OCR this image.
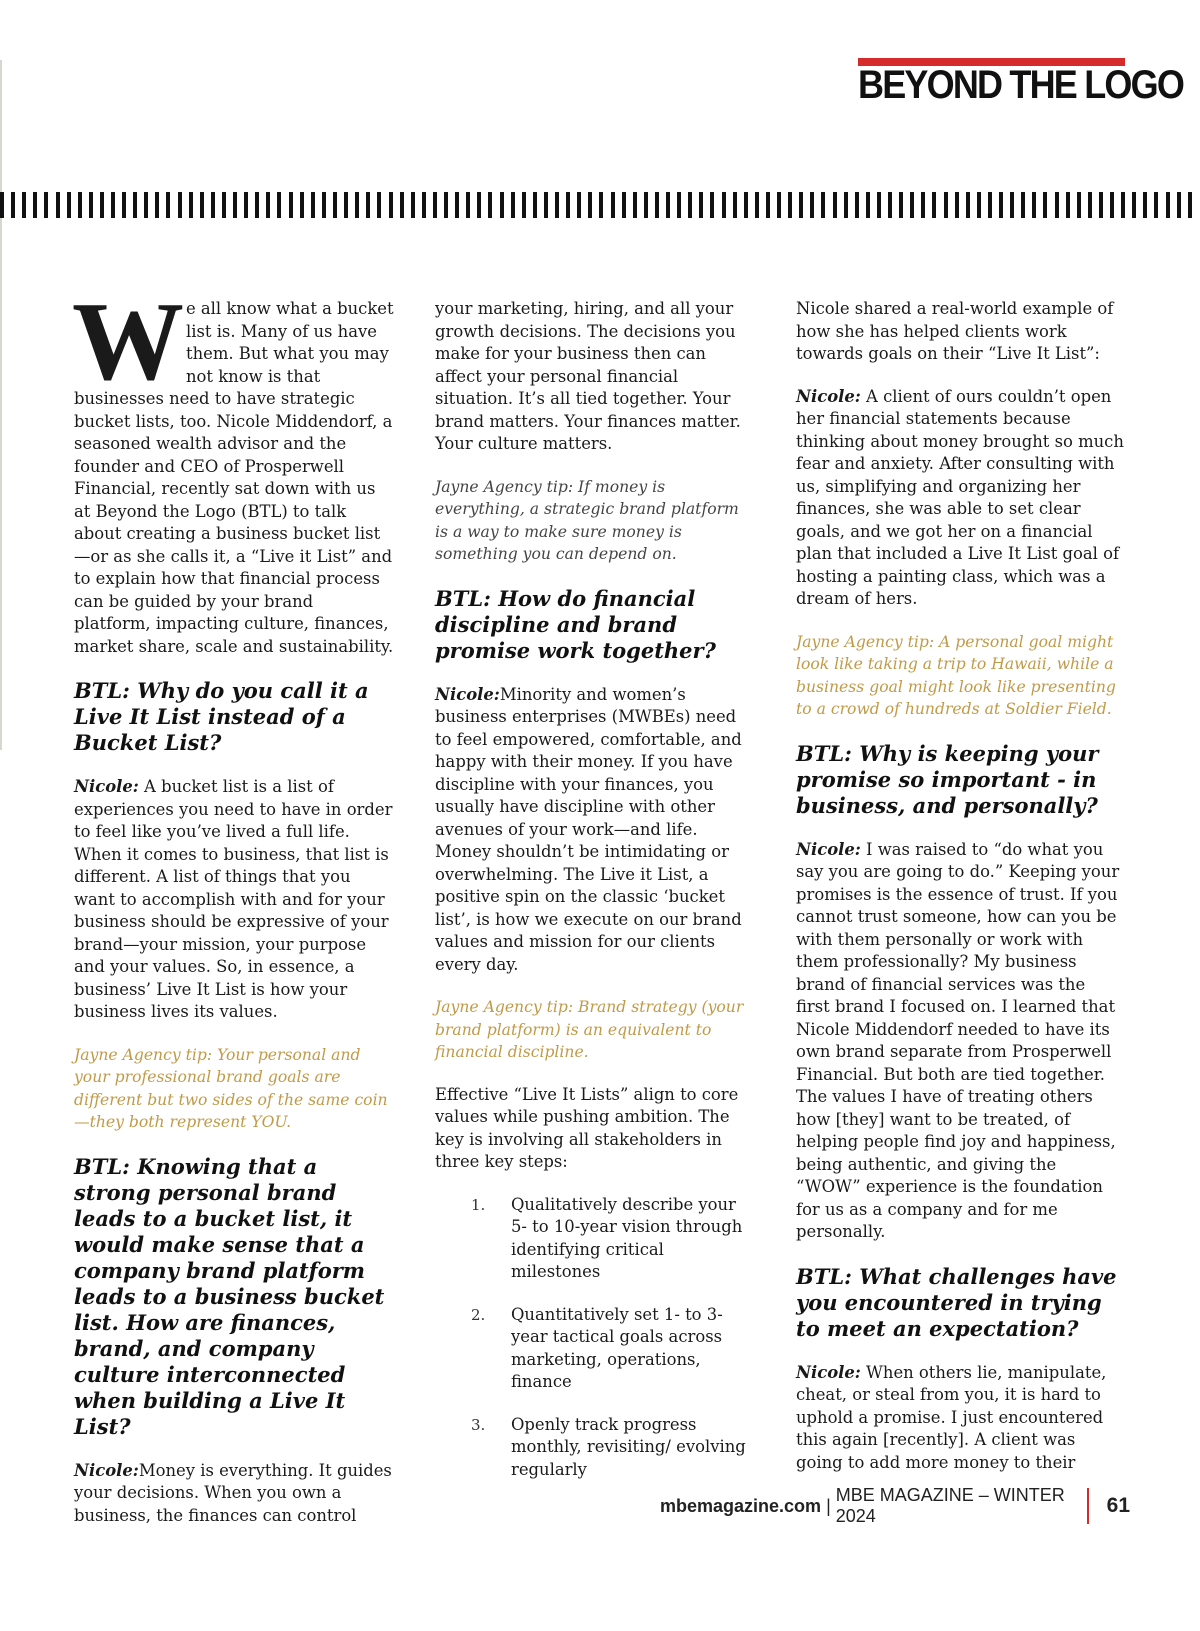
BEYOND THE LOGO

We all know what a bucket list is. Many of us have them. But what you may not know is that businesses need to have strategic bucket lists, too. Nicole Middendorf, a seasoned wealth advisor and the founder and CEO of Prosperwell Financial, recently sat down with us at Beyond the Logo (BTL) to talk about creating a business bucket list—or as she calls it, a “Live it List” and to explain how that financial process can be guided by your brand platform, impacting culture, finances, market share, scale and sustainability.

BTL: Why do you call it a Live It List instead of a Bucket List?

Nicole: A bucket list is a list of experiences you need to have in order to feel like you’ve lived a full life. When it comes to business, that list is different. A list of things that you want to accomplish with and for your business should be expressive of your brand—your mission, your purpose and your values. So, in essence, a business’ Live It List is how your business lives its values.

Jayne Agency tip: Your personal and your professional brand goals are different but two sides of the same coin—they both represent YOU.

BTL: Knowing that a strong personal brand leads to a bucket list, it would make sense that a company brand platform leads to a business bucket list. How are finances, brand, and company culture interconnected when building a Live It List?

Nicole:Money is everything. It guides your decisions. When you own a business, the finances can control

your marketing, hiring, and all your growth decisions. The decisions you make for your business then can affect your personal financial situation. It’s all tied together. Your brand matters. Your finances matter. Your culture matters.

Jayne Agency tip: If money is everything, a strategic brand platform is a way to make sure money is something you can depend on.

BTL: How do financial discipline and brand promise work together?

Nicole:Minority and women’s business enterprises (MWBEs) need to feel empowered, comfortable, and happy with their money. If you have discipline with your finances, you usually have discipline with other avenues of your work—and life. Money shouldn’t be intimidating or overwhelming. The Live it List, a positive spin on the classic ‘bucket list’, is how we execute on our brand values and mission for our clients every day.

Jayne Agency tip: Brand strategy (your brand platform) is an equivalent to financial discipline.

Effective “Live It Lists” align to core values while pushing ambition. The key is involving all stakeholders in three key steps:

1.	Qualitatively describe your 5- to 10-year vision through identifying critical milestones
2.	Quantitatively set 1- to 3-year tactical goals across marketing, operations, finance
3.	Openly track progress monthly, revisiting/ evolving regularly

Nicole shared a real-world example of how she has helped clients work towards goals on their “Live It List”:

Nicole: A client of ours couldn’t open her financial statements because thinking about money brought so much fear and anxiety. After consulting with us, simplifying and organizing her finances, she was able to set clear goals, and we got her on a financial plan that included a Live It List goal of hosting a painting class, which was a dream of hers.

Jayne Agency tip: A personal goal might look like taking a trip to Hawaii, while a business goal might look like presenting to a crowd of hundreds at Soldier Field.

BTL: Why is keeping your promise so important - in business, and personally?

Nicole: I was raised to “do what you say you are going to do.” Keeping your promises is the essence of trust. If you cannot trust someone, how can you be with them personally or work with them professionally? My business brand of financial services was the first brand I focused on. I learned that Nicole Middendorf needed to have its own brand separate from Prosperwell Financial. But both are tied together. The values I have of treating others how [they] want to be treated, of helping people find joy and happiness, being authentic, and giving the “WOW” experience is the foundation for us as a company and for me personally.

BTL: What challenges have you encountered in trying to meet an expectation?

Nicole: When others lie, manipulate, cheat, or steal from you, it is hard to uphold a promise. I just encountered this again [recently]. A client was going to add more money to their

mbemagazine.com |
MBE MAGAZINE – WINTER 2024	61
